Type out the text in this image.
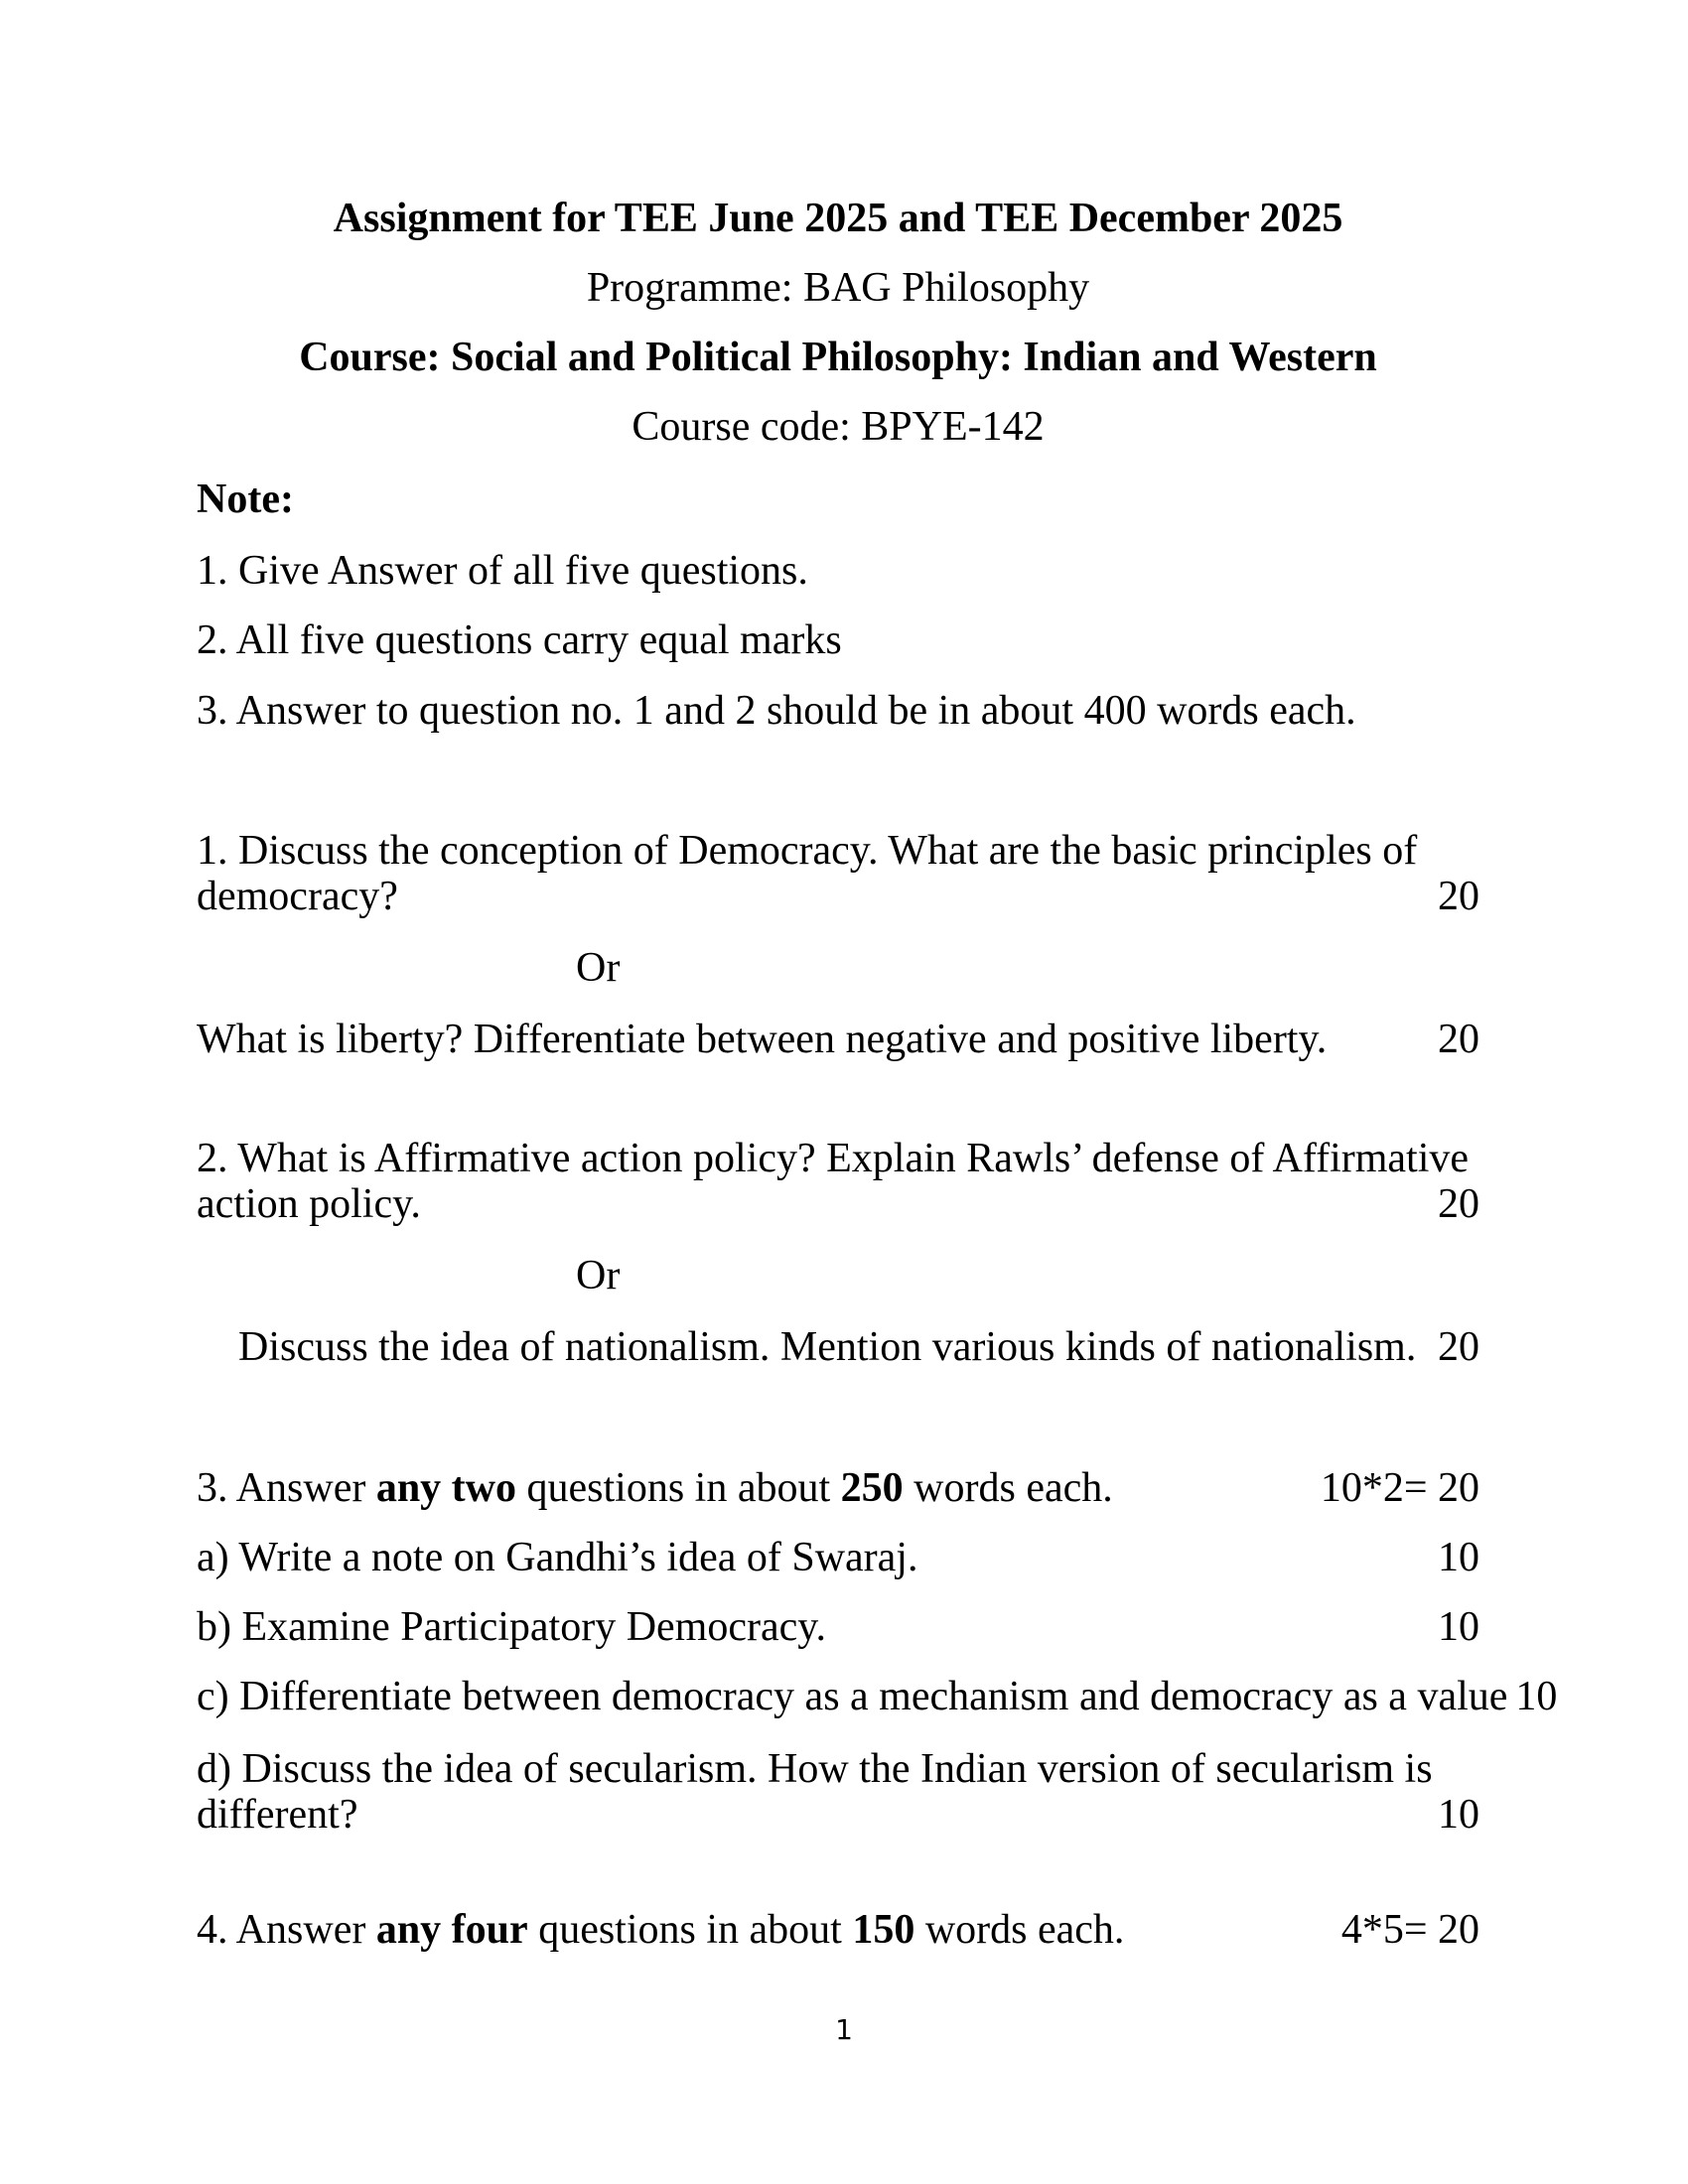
Assignment for TEE June 2025 and TEE December 2025
Programme: BAG Philosophy
Course: Social and Political Philosophy: Indian and Western
Course code: BPYE-142
Note:
1. Give Answer of all five questions.
2. All five questions carry equal marks
3. Answer to question no. 1 and 2 should be in about 400 words each.
1. Discuss the conception of Democracy. What are the basic principles of
democracy?	20
Or
What is liberty? Differentiate between negative and positive liberty.	20
2. What is Affirmative action policy? Explain Rawls’ defense of Affirmative
action policy.	20
Or
Discuss the idea of nationalism. Mention various kinds of nationalism. 20
3. Answer any two questions in about 250 words each.	10*2= 20
a) Write a note on Gandhi’s idea of Swaraj.	10
b) Examine Participatory Democracy.	10
c) Differentiate between democracy as a mechanism and democracy as a value 10
d) Discuss the idea of secularism. How the Indian version of secularism is
different?	10
4. Answer any four questions in about 150 words each.	4*5= 20
1
